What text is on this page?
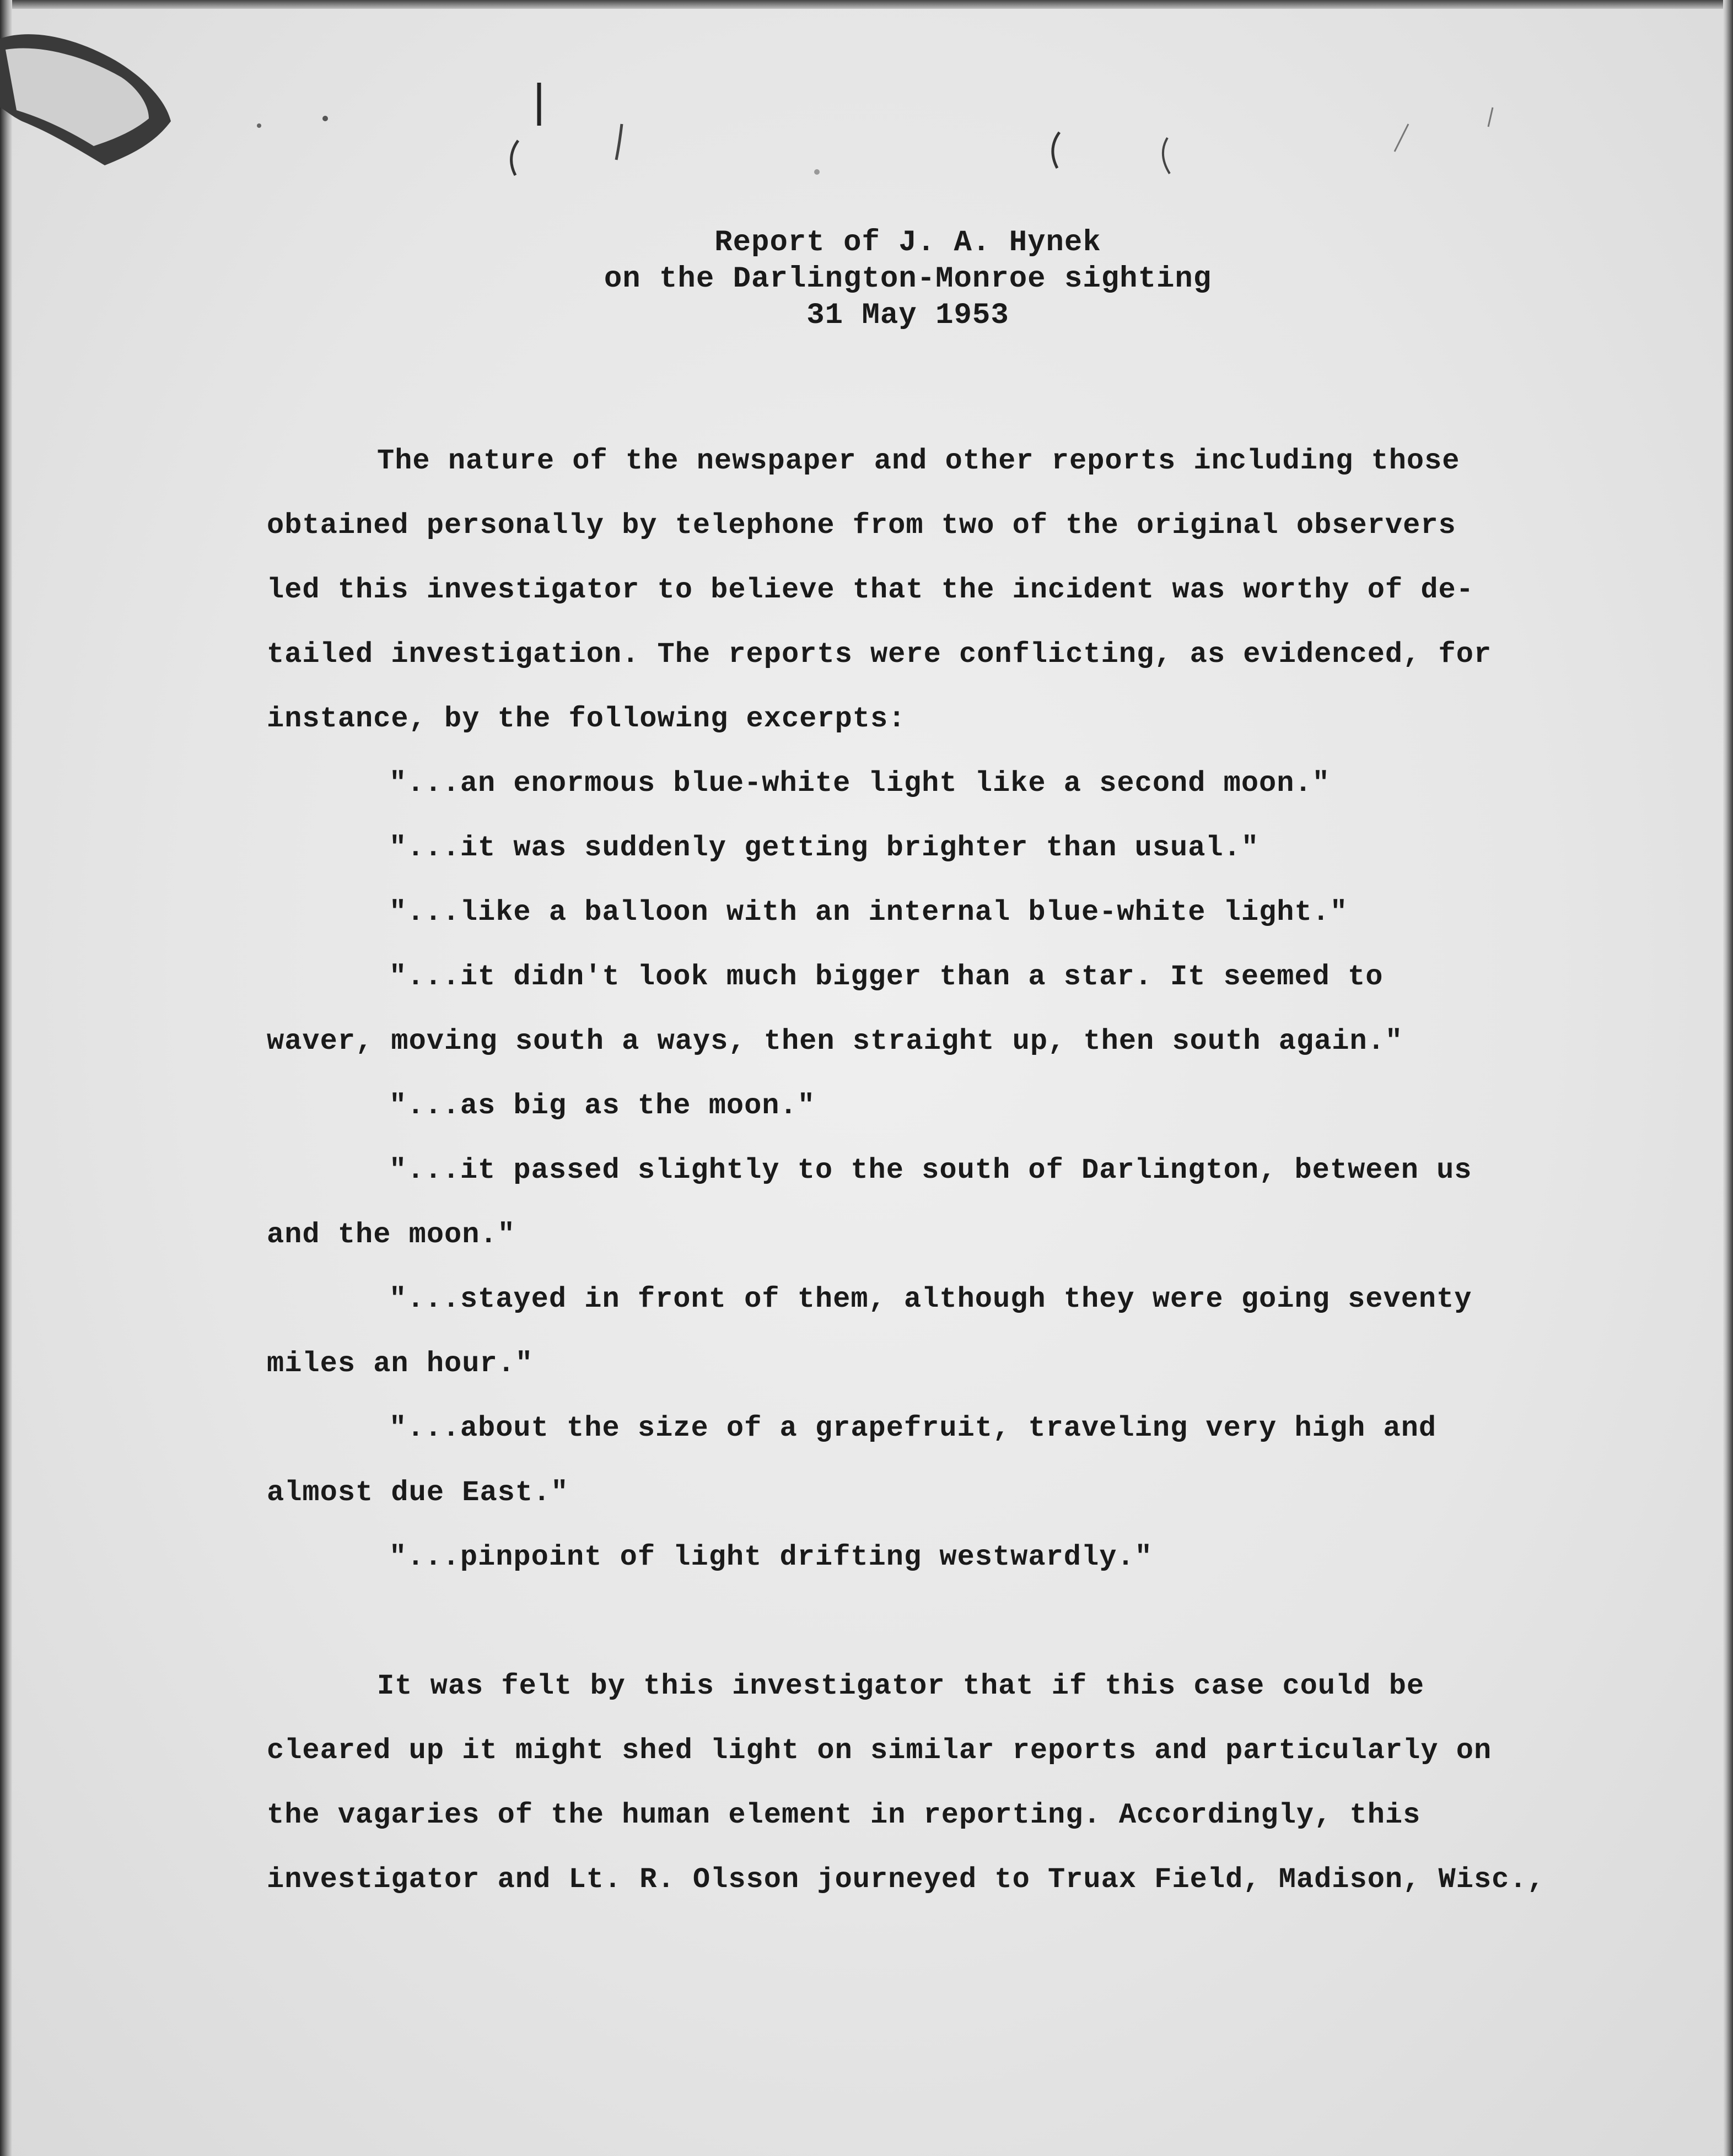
Report of J. A. Hynek
on the Darlington-Monroe sighting
31 May 1953
The nature of the newspaper and other reports including those
obtained personally by telephone from two of the original observers
led this investigator to believe that the incident was worthy of de-
tailed investigation. The reports were conflicting, as evidenced, for
instance, by the following excerpts:
"...an enormous blue-white light like a second moon."
"...it was suddenly getting brighter than usual."
"...like a balloon with an internal blue-white light."
"...it didn't look much bigger than a star. It seemed to
waver, moving south a ways, then straight up, then south again."
"...as big as the moon."
"...it passed slightly to the south of Darlington, between us
and the moon."
"...stayed in front of them, although they were going seventy
miles an hour."
"...about the size of a grapefruit, traveling very high and
almost due East."
"...pinpoint of light drifting westwardly."
It was felt by this investigator that if this case could be
cleared up it might shed light on similar reports and particularly on
the vagaries of the human element in reporting. Accordingly, this
investigator and Lt. R. Olsson journeyed to Truax Field, Madison, Wisc.,
